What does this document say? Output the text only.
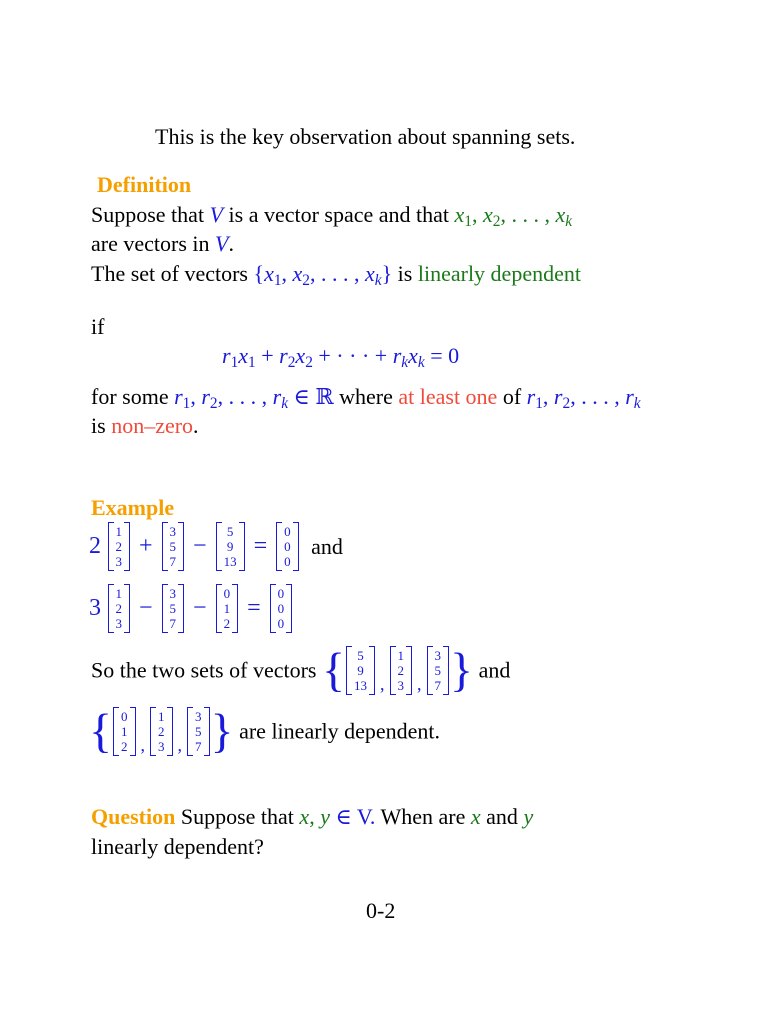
This is the key observation about spanning sets.
Definition
Suppose that V is a vector space and that $x_1$, $x_2$, . . . , $x_k$
are vectors in V.
The set of vectors {$x_1$, $x_2$, . . . , $x_k$} is linearly dependent
if
$r_1x_1 + r_2x_2$ + · · · + $r_kx_k = 0$
for some $r_1$, $r_2$, . . . , $r_k$ ∈ ℝ where at least one of $r_1$, $r_2$, . . . , $r_k$
is non–zero.
Example
2
1
2
3
+
3
5
7
−
5
9
13
=
0
0
0
and
3
1
2
3
−
3
5
7
−
0
1
2
=
0
0
0
So the two sets of vectors { 5
9
13 $_,$
1
2
3 $_,$
3
5
7 } and
{ 0
1
2 $_,$
1
2
3 $_,$
3
5
7 } are linearly dependent.
Question Suppose that x, y ∈ V. When are x and y
linearly dependent?
0-2
